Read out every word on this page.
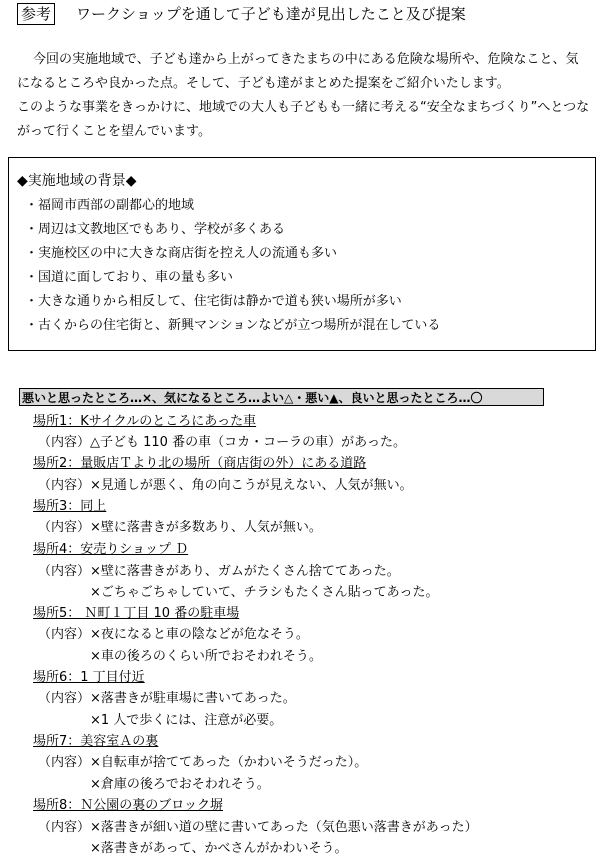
参考 ワークショップを通して子ども達が見出したこと及び提案
今回の実施地域で、子ども達から上がってきたまちの中にある危険な場所や、危険なこと、気
になるところや良かった点。そして、子ども達がまとめた提案をご紹介いたします。
このような事業をきっかけに、地域での大人も子どもも一緒に考える“安全なまちづくり”へとつな
がって行くことを望んでいます。
◆実施地域の背景◆
・福岡市西部の副都心的地域
・周辺は文教地区でもあり、学校が多くある
・実施校区の中に大きな商店街を控え人の流通も多い
・国道に面しており、車の量も多い
・大きな通りから相反して、住宅街は静かで道も狭い場所が多い
・古くからの住宅街と、新興マンションなどが立つ場所が混在している
悪いと思ったところ…×、気になるところ…よい△・悪い▲、良いと思ったところ…〇
場所1：Kサイクルのところにあった車
（内容） △子ども 110 番の車（コカ・コーラの車）があった。
場所2：量販店Ｔより北の場所（商店街の外）にある道路
（内容） ×見通しが悪く、角の向こうが見えない、人気が無い。
場所3：同上
（内容） ×壁に落書きが多数あり、人気が無い。
場所4：安売りショップ Ｄ
（内容） ×壁に落書きがあり、ガムがたくさん捨ててあった。
×ごちゃごちゃしていて、チラシもたくさん貼ってあった。
場所5： Ｎ町１丁目 10 番の駐車場
（内容） ×夜になると車の陰などが危なそう。
×車の後ろのくらい所でおそわれそう。
場所6：1 丁目付近
（内容） ×落書きが駐車場に書いてあった。
×1 人で歩くには、注意が必要。
場所7：美容室Ａの裏
（内容） ×自転車が捨ててあった（かわいそうだった）。
×倉庫の後ろでおそわれそう。
場所8：Ｎ公園の裏のブロック塀
（内容） ×落書きが細い道の壁に書いてあった（気色悪い落書きがあった）
×落書きがあって、かべさんがかわいそう。
